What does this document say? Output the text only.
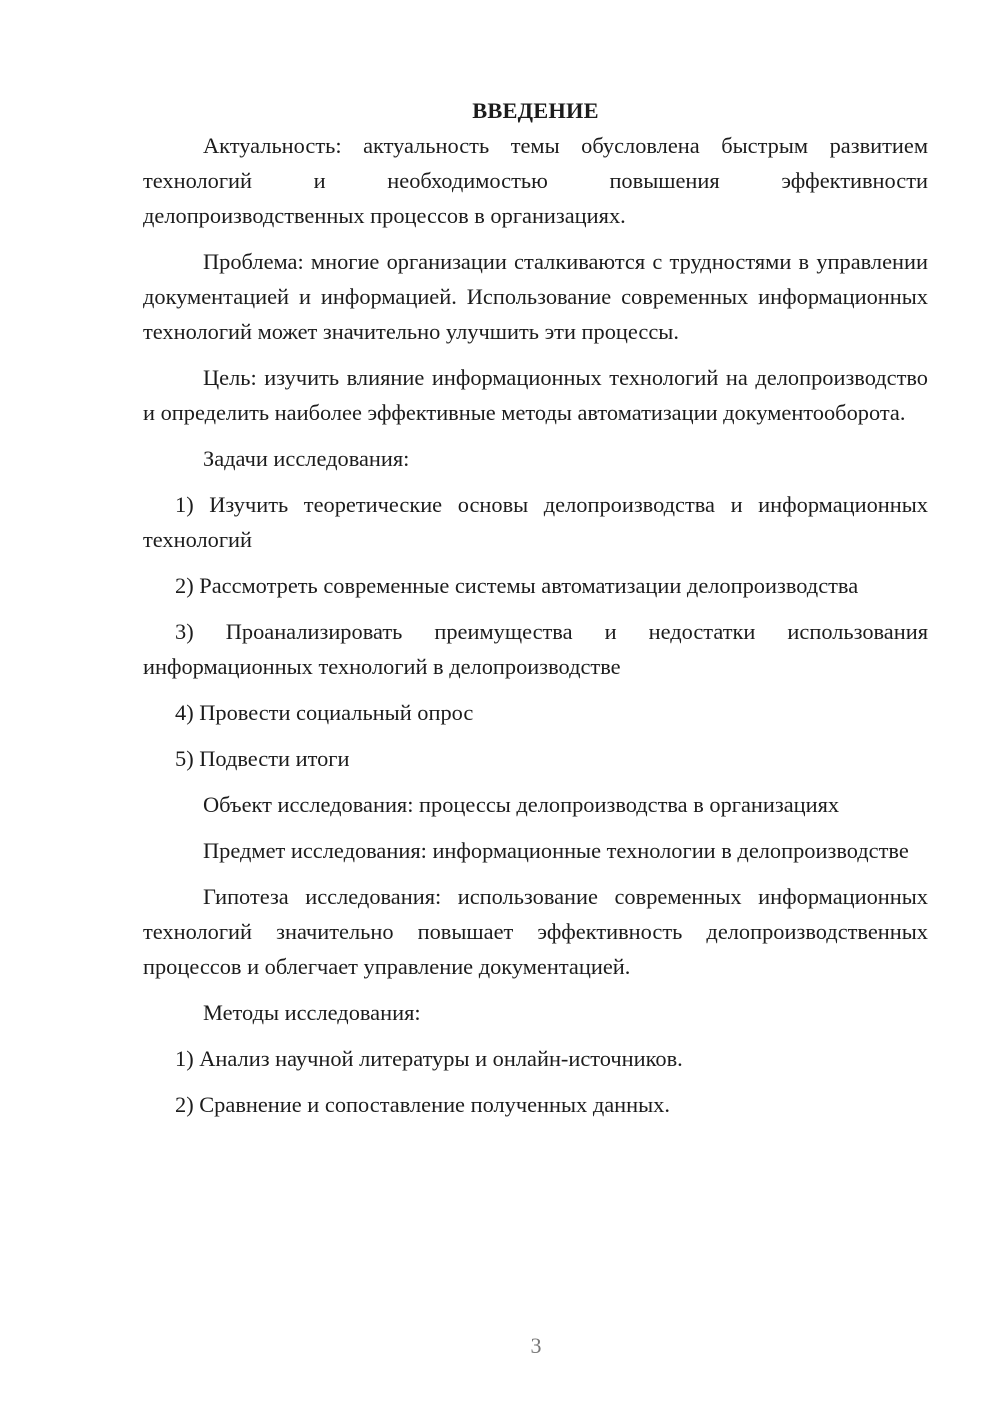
ВВЕДЕНИЕ

Актуальность: актуальность темы обусловлена быстрым развитием технологий и необходимостью повышения эффективности делопроизводственных процессов в организациях.

Проблема: многие организации сталкиваются с трудностями в управлении документацией и информацией. Использование современных информационных технологий может значительно улучшить эти процессы.

Цель: изучить влияние информационных технологий на делопроизводство и определить наиболее эффективные методы автоматизации документооборота.

Задачи исследования:

1) Изучить теоретические основы делопроизводства и информационных технологий

2) Рассмотреть современные системы автоматизации делопроизводства

3) Проанализировать преимущества и недостатки использования информационных технологий в делопроизводстве

4) Провести социальный опрос

5) Подвести итоги

Объект исследования: процессы делопроизводства в организациях

Предмет исследования: информационные технологии в делопроизводстве

Гипотеза исследования: использование современных информационных технологий значительно повышает эффективность делопроизводственных процессов и облегчает управление документацией.

Методы исследования:

1) Анализ научной литературы и онлайн-источников.

2) Сравнение и сопоставление полученных данных.

3
